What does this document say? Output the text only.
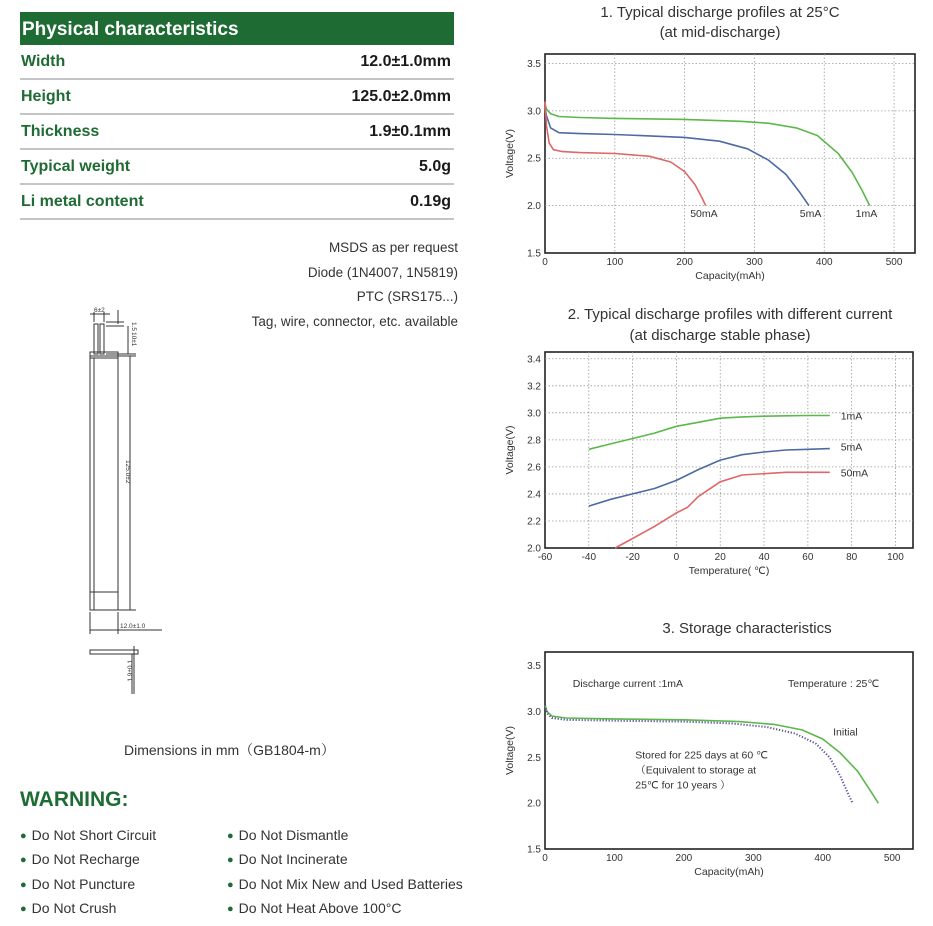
Physical characteristics
Width	12.0±1.0mm
Height	125.0±2.0mm
Thickness	1.9±0.1mm
Typical weight	5.0g
Li metal content	0.19g
MSDS as per request
Diode (1N4007, 1N5819)
PTC (SRS175...)
Tag, wire, connector, etc. available
6±2
1.5
10±1
125.0±2
12.0±1.0
1.9±0.1
Dimensions in mm（GB1804-m）
WARNING:
● Do Not Short Circuit
● Do Not Recharge
● Do Not Puncture
● Do Not Crush
● Do Not Dismantle
● Do Not Incinerate
● Do Not Mix New and Used Batteries
● Do Not Heat Above 100°C
1. Typical discharge profiles at 25°C
(at mid-discharge)
0	100	200	300	400	500
1.5
2.0
2.5
3.0
3.5
Capacity(mAh)
Voltage(V)
50mA	5mA	1mA
2. Typical discharge profiles with different current
(at discharge stable phase)
-60	-40	-20	0	20	40	60	80	100
2.0
2.2
2.4
2.6
2.8
3.0
3.2
3.4
Temperature( ℃)
Voltage(V)
1mA
5mA
50mA
3. Storage characteristics
0	100	200	300	400	500
1.5
2.0
2.5
3.0
3.5
Capacity(mAh)
Voltage(V)
Discharge current :1mA	Temperature : 25℃
Initial
Stored for 225 days at 60 ℃
（Equivalent to storage at
25℃ for 10 years ）
